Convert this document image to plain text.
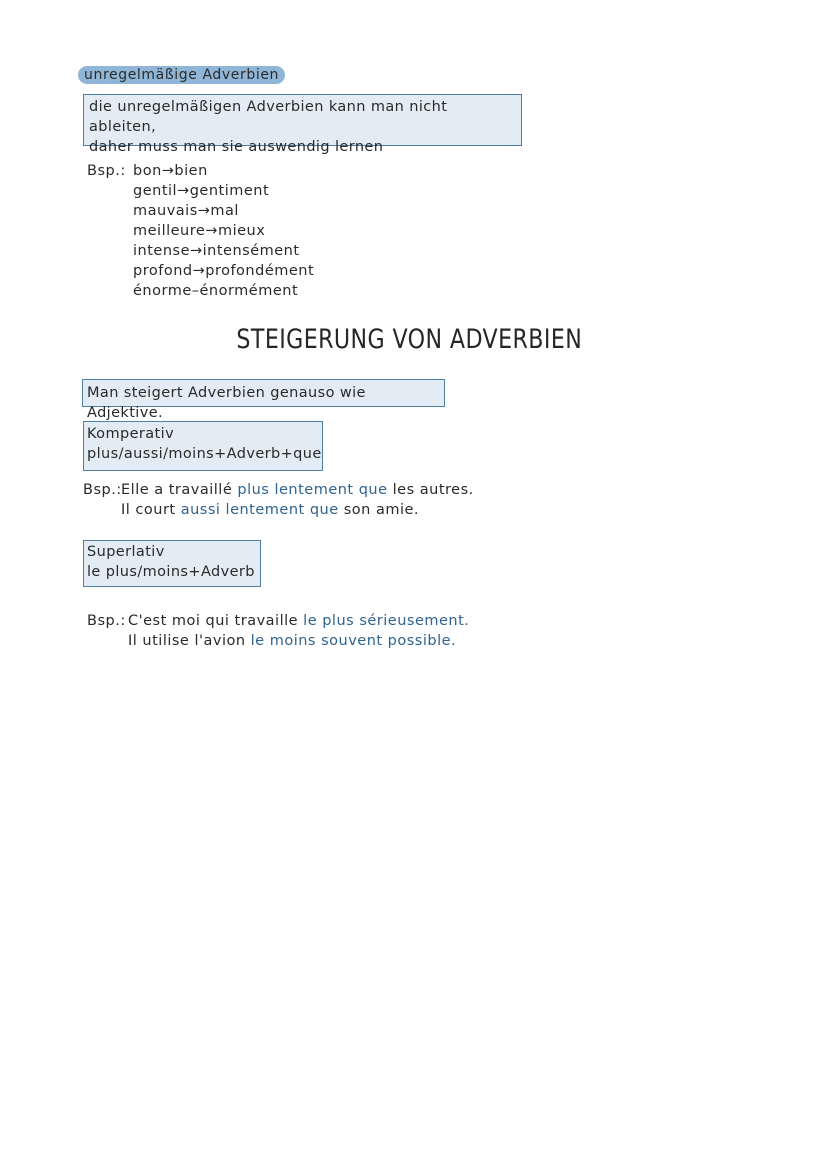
unregelmäßige Adverbien
die unregelmäßigen Adverbien kann man nicht ableiten,
daher muss man sie auswendig lernen
Bsp.: bon→bien
gentil→gentiment
mauvais→mal
meilleure→mieux
intense→intensément
profond→profondément
énorme–énormément
STEIGERUNG VON ADVERBIEN
Man steigert Adverbien genauso wie Adjektive.
Komperativ
plus/aussi/moins+Adverb+que
Bsp.: Elle a travaillé plus lentement que les autres.
Il court aussi lentement que son amie.
Superlativ
le plus/moins+Adverb
Bsp.: C'est moi qui travaille le plus sérieusement.
Il utilise l'avion le moins souvent possible.
